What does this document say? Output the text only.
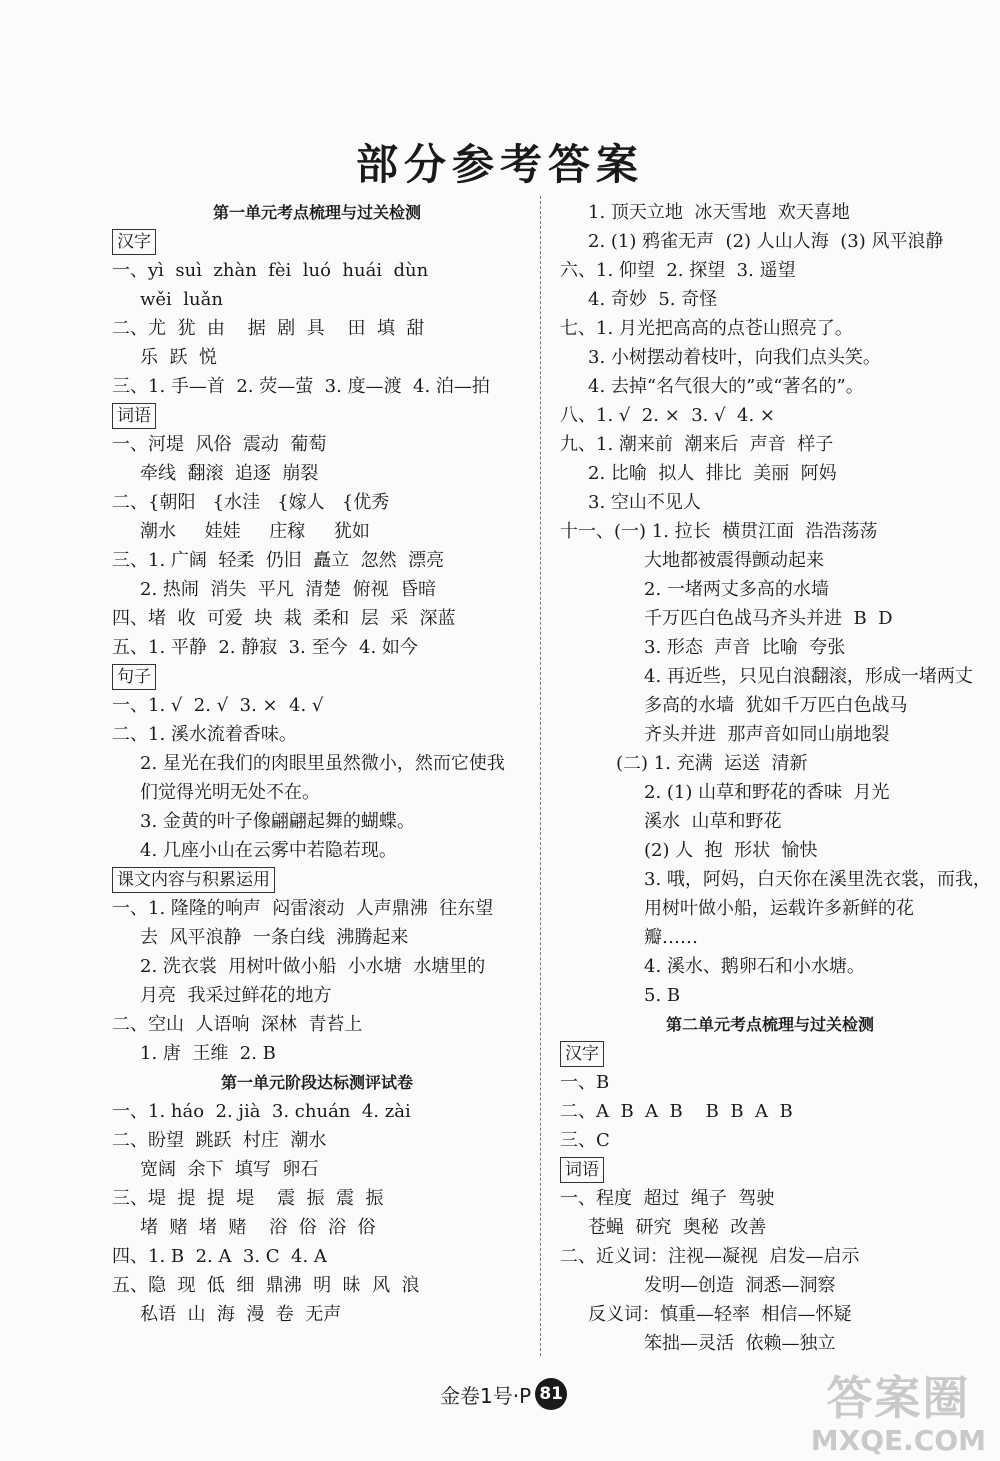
部分参考答案
第一单元考点梳理与过关检测
汉字
一、yì  suì  zhàn  fèi  luó  huái  dùn
wěi  luǎn
二、尤  犹  由    据  剧  具    田  填  甜
乐  跃  悦
三、1. 手—首  2. 荧—萤  3. 度—渡  4. 泊—拍
词语
一、河堤  风俗  震动  葡萄
牵线  翻滚  追逐  崩裂
二、{朝阳   {水洼   {嫁人   {优秀
潮水     娃娃     庄稼     犹如
三、1. 广阔  轻柔  仍旧  矗立  忽然  漂亮
2. 热闹  消失  平凡  清楚  俯视  昏暗
四、堵  收  可爱  块  栽  柔和  层  采  深蓝
五、1. 平静  2. 静寂  3. 至今  4. 如今
句子
一、1. √  2. √  3. ×  4. √
二、1. 溪水流着香味。
2. 星光在我们的肉眼里虽然微小，然而它使我
们觉得光明无处不在。
3. 金黄的叶子像翩翩起舞的蝴蝶。
4. 几座小山在云雾中若隐若现。
课文内容与积累运用
一、1. 隆隆的响声  闷雷滚动  人声鼎沸  往东望
去  风平浪静  一条白线  沸腾起来
2. 洗衣裳  用树叶做小船  小水塘  水塘里的
月亮  我采过鲜花的地方
二、空山  人语响  深林  青苔上
1. 唐  王维  2. B
第一单元阶段达标测评试卷
一、1. háo  2. jià  3. chuán  4. zài
二、盼望  跳跃  村庄  潮水
宽阔  余下  填写  卵石
三、堤  提  提  堤    震  振  震  振
堵  赌  堵  赌    浴  俗  浴  俗
四、1. B  2. A  3. C  4. A
五、隐  现  低  细  鼎沸  明  昧  风  浪
私语  山  海  漫  卷  无声
1. 顶天立地  冰天雪地  欢天喜地
2. (1) 鸦雀无声  (2) 人山人海  (3) 风平浪静
六、1. 仰望  2. 探望  3. 遥望
4. 奇妙  5. 奇怪
七、1. 月光把高高的点苍山照亮了。
3. 小树摆动着枝叶，向我们点头笑。
4. 去掉“名气很大的”或“著名的”。
八、1. √  2. ×  3. √  4. ×
九、1. 潮来前  潮来后  声音  样子
2. 比喻  拟人  排比  美丽  阿妈
3. 空山不见人
十一、(一) 1. 拉长  横贯江面  浩浩荡荡
大地都被震得颤动起来
2. 一堵两丈多高的水墙
千万匹白色战马齐头并进  B  D
3. 形态  声音  比喻  夸张
4. 再近些，只见白浪翻滚，形成一堵两丈
多高的水墙  犹如千万匹白色战马
齐头并进  那声音如同山崩地裂
(二) 1. 充满  运送  清新
2. (1) 山草和野花的香味  月光
溪水  山草和野花
(2) 人  抱  形状  愉快
3. 哦，阿妈，白天你在溪里洗衣裳，而我，
用树叶做小船，运载许多新鲜的花
瓣……
4. 溪水、鹅卵石和小水塘。
5. B
第二单元考点梳理与过关检测
汉字
一、B
二、A  B  A  B    B  B  A  B
三、C
词语
一、程度  超过  绳子  驾驶
苍蝇  研究  奥秘  改善
二、近义词：注视—凝视  启发—启示
发明—创造  洞悉—洞察
反义词：慎重—轻率  相信—怀疑
笨拙—灵活  依赖—独立
金卷1号·P 81	答案圈
MXQE.COM
